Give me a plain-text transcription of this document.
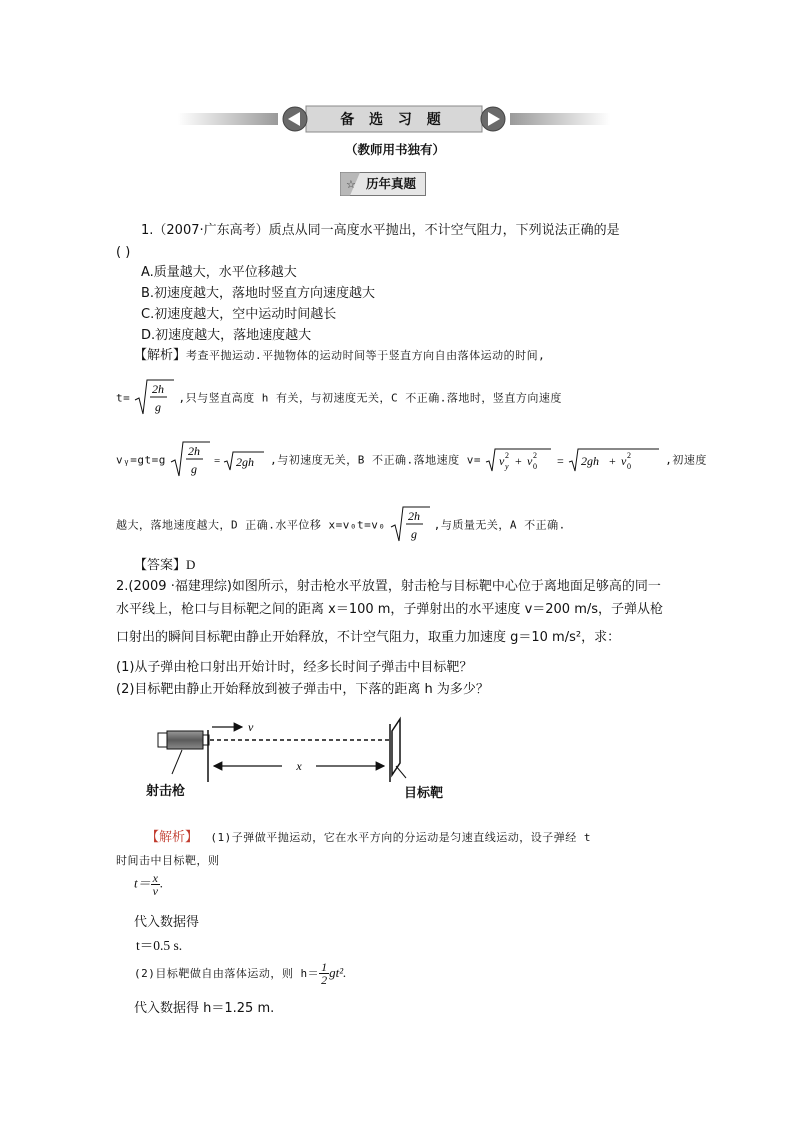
备 选 习 题
（教师用书独有）
☆ 历年真题
1.（2007·广东高考）质点从同一高度水平抛出，不计空气阻力，下列说法正确的是
( )
A.质量越大，水平位移越大
B.初速度越大，落地时竖直方向速度越大
C.初速度越大，空中运动时间越长
D.初速度越大，落地速度越大
【解析】考查平抛运动.平抛物体的运动时间等于竖直方向自由落体运动的时间,
t=
2h
g
,只与竖直高度 h 有关，与初速度无关，C 不正确.落地时，竖直方向速度
vᵧ=gt=g
2h
g
= 2gh ,与初速度无关，B 不正确.落地速度 v= v 2
y + v 2
0 = 2gh + v 2
0	,初速度
越大，落地速度越大，D 正确.水平位移 x=v₀t=v₀
2h
g
,与质量无关，A 不正确.
【答案】D
2.(2009 ·福建理综)如图所示，射击枪水平放置，射击枪与目标靶中心位于离地面足够高的同一
水平线上，枪口与目标靶之间的距离 x＝100 m，子弹射出的水平速度 v＝200 m/s，子弹从枪
口射出的瞬间目标靶由静止开始释放，不计空气阻力，取重力加速度 g＝10 m/s²，求：
(1)从子弹由枪口射出开始计时，经多长时间子弹击中目标靶？
(2)目标靶由静止开始释放到被子弹击中，下落的距离 h 为多少？
v
x
射击枪	目标靶
【解析】 (1)子弹做平抛运动，它在水平方向的分运动是匀速直线运动，设子弹经 t
时间击中目标靶，则
$t= \frac{x}{v}$ .
代入数据得
t＝0.5 s.
(2)目标靶做自由落体运动，则 $h= \frac{1}{2} gt^2$.
代入数据得 h＝1.25 m.
